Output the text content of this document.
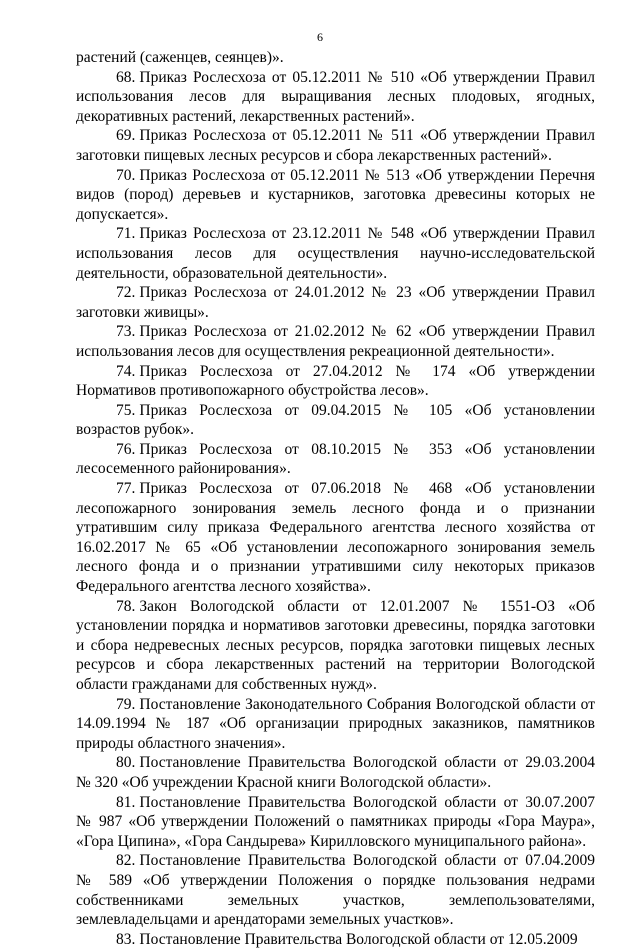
6

растений (саженцев, сеянцев)».

68. Приказ Рослесхоза от 05.12.2011 № 510 «Об утверждении Правил использования лесов для выращивания лесных плодовых, ягодных, декоративных растений, лекарственных растений».

69. Приказ Рослесхоза от 05.12.2011 № 511 «Об утверждении Правил заготовки пищевых лесных ресурсов и сбора лекарственных растений».

70. Приказ Рослесхоза от 05.12.2011 № 513 «Об утверждении Перечня видов (пород) деревьев и кустарников, заготовка древесины которых не допускается».

71. Приказ Рослесхоза от 23.12.2011 № 548 «Об утверждении Правил использования лесов для осуществления научно-исследовательской деятельности, образовательной деятельности».

72. Приказ Рослесхоза от 24.01.2012 № 23 «Об утверждении Правил заготовки живицы».

73. Приказ Рослесхоза от 21.02.2012 № 62 «Об утверждении Правил использования лесов для осуществления рекреационной деятельности».

74. Приказ Рослесхоза от 27.04.2012 № 174 «Об утверждении Нормативов противопожарного обустройства лесов».

75. Приказ Рослесхоза от 09.04.2015 № 105 «Об установлении возрастов рубок».

76. Приказ Рослесхоза от 08.10.2015 № 353 «Об установлении лесосеменного районирования».

77. Приказ Рослесхоза от 07.06.2018 № 468 «Об установлении лесопожарного зонирования земель лесного фонда и о признании утратившим силу приказа Федерального агентства лесного хозяйства от 16.02.2017 № 65 «Об установлении лесопожарного зонирования земель лесного фонда и о признании утратившими силу некоторых приказов Федерального агентства лесного хозяйства».

78. Закон Вологодской области от 12.01.2007 № 1551-ОЗ «Об установлении порядка и нормативов заготовки древесины, порядка заготовки и сбора недревесных лесных ресурсов, порядка заготовки пищевых лесных ресурсов и сбора лекарственных растений на территории Вологодской области гражданами для собственных нужд».

79. Постановление Законодательного Собрания Вологодской области от 14.09.1994 № 187 «Об организации природных заказников, памятников природы областного значения».

80. Постановление Правительства Вологодской области от 29.03.2004 № 320 «Об учреждении Красной книги Вологодской области».

81. Постановление Правительства Вологодской области от 30.07.2007 № 987 «Об утверждении Положений о памятниках природы «Гора Маура», «Гора Ципина», «Гора Сандырева» Кирилловского муниципального района».

82. Постановление Правительства Вологодской области от 07.04.2009 № 589 «Об утверждении Положения о порядке пользования недрами собственниками земельных участков, землепользователями, землевладельцами и арендаторами земельных участков».

83. Постановление Правительства Вологодской области от 12.05.2009
